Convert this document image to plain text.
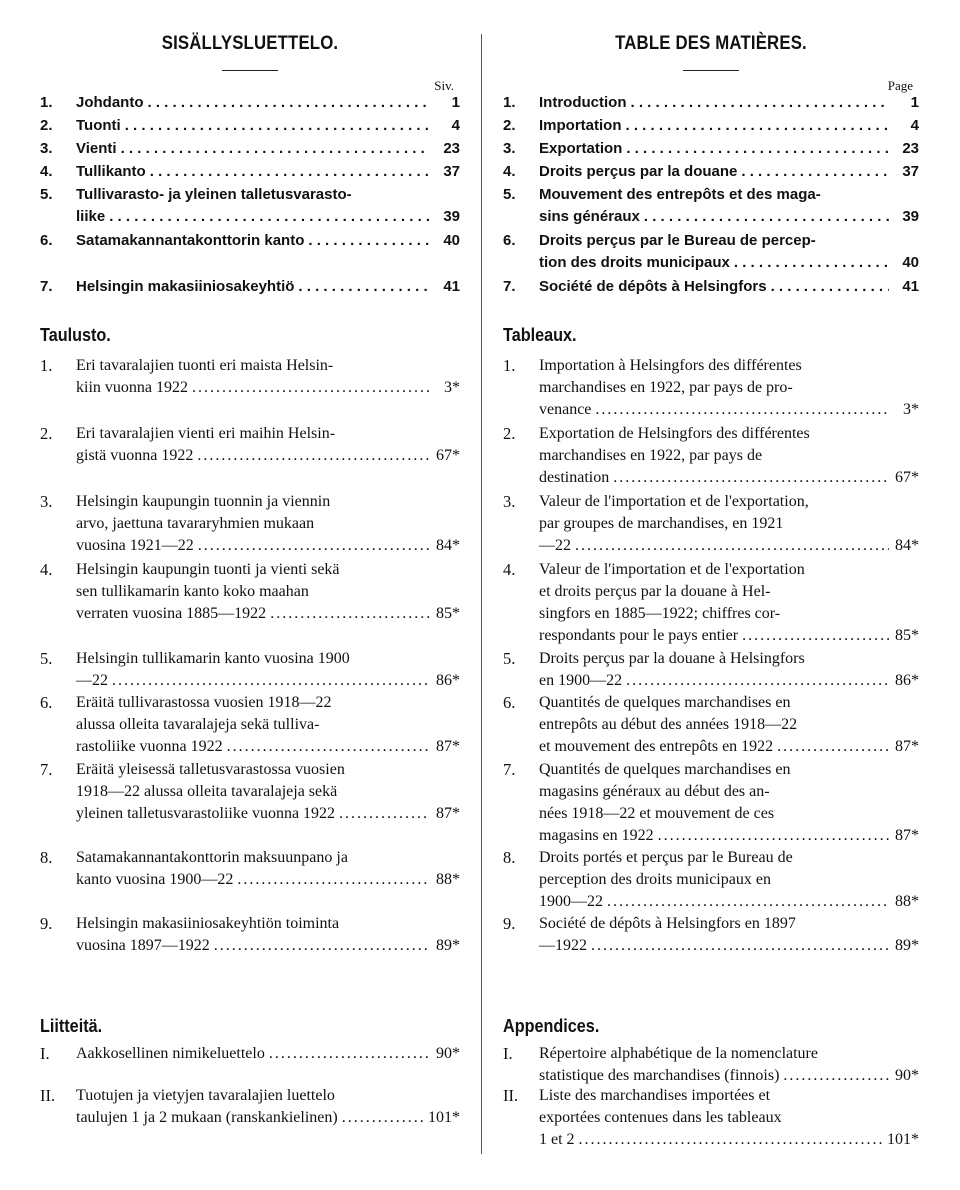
SISÄLLYSLUETTELO.
Siv.
Taulusto.
Liitteitä.
1. Johdanto . . .	1
2. Tuonti . . .	4
3. Vienti . . .	23
4. Tullikanto . . .	37
5. Tullivarasto- ja yleinen talletusvarasto-
liike . . .	39
6. Satamakannantakonttorin kanto . . .	40
7. Helsingin makasiiniosakeyhtiö . . .	41
1. Eri tavaralajien tuonti eri maista Helsin-
kiin vuonna 1922 . . .	3*
2. Eri tavaralajien vienti eri maihin Helsin-
gistä vuonna 1922 . . .	67*
3. Helsingin kaupungin tuonnin ja viennin
arvo, jaettuna tavararyhmien mukaan
vuosina 1921—22 . . .	84*
4. Helsingin kaupungin tuonti ja vienti sekä
sen tullikamarin kanto koko maahan
verraten vuosina 1885—1922 . . .	85*
5. Helsingin tullikamarin kanto vuosina 1900
—22 . . .	86*
6. Eräitä tullivarastossa vuosien 1918—22
alussa olleita tavaralajeja sekä tulliva-
rastoliike vuonna 1922 . . .	87*
7. Eräitä yleisessä talletusvarastossa vuosien
1918—22 alussa olleita tavaralajeja sekä
yleinen talletusvarastoliike vuonna 1922 . . .	87*
8. Satamakannantakonttorin maksuunpano ja
kanto vuosina 1900—22 . . .	88*
9. Helsingin makasiiniosakeyhtiön toiminta
vuosina 1897—1922 . . .	89*
I. Aakkosellinen nimikeluettelo . . .	90*
II. Tuotujen ja vietyjen tavaralajien luettelo
taulujen 1 ja 2 mukaan (ranskankielinen) . . .	101*
TABLE DES MATIÈRES.
Page
Tableaux.
Appendices.
1. Introduction . . .	1
2. Importation . . .	4
3. Exportation . . .	23
4. Droits perçus par la douane . . .	37
5. Mouvement des entrepôts et des maga-
sins généraux . . .	39
6. Droits perçus par le Bureau de percep-
tion des droits municipaux . . .	40
7. Société de dépôts à Helsingfors . . .	41
1. Importation à Helsingfors des différentes
marchandises en 1922, par pays de pro-
venance . . .	3*
2. Exportation de Helsingfors des différentes
marchandises en 1922, par pays de
destination . . .	67*
3. Valeur de l'importation et de l'exportation,
par groupes de marchandises, en 1921
—22 . . .	84*
4. Valeur de l'importation et de l'exportation
et droits perçus par la douane à Hel-
singfors en 1885—1922; chiffres cor-
respondants pour le pays entier . . .	85*
5. Droits perçus par la douane à Helsingfors
en 1900—22 . . .	86*
6. Quantités de quelques marchandises en
entrepôts au début des années 1918—22
et mouvement des entrepôts en 1922 . . .	87*
7. Quantités de quelques marchandises en
magasins généraux au début des an-
nées 1918—22 et mouvement de ces
magasins en 1922 . . .	87*
8. Droits portés et perçus par le Bureau de
perception des droits municipaux en
1900—22 . . .	88*
9. Société de dépôts à Helsingfors en 1897
—1922 . . .	89*
I. Répertoire alphabétique de la nomenclature
statistique des marchandises (finnois) . . .	90*
II. Liste des marchandises importées et
exportées contenues dans les tableaux
1 et 2 . . .	101*
